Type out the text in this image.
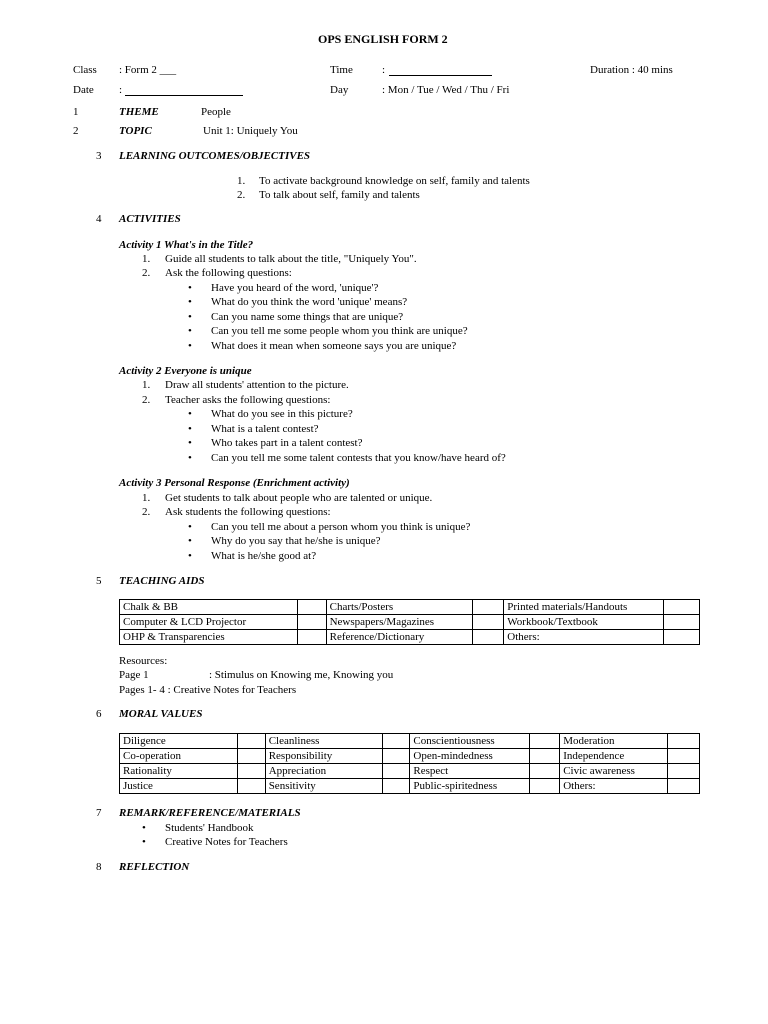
OPS ENGLISH FORM 2
Class : Form 2 ___	Time	:	Duration : 40 mins
Date :	Day	: Mon / Tue / Wed / Thu / Fri
1	THEME	People
2	TOPIC	Unit 1: Uniquely You
3 LEARNING OUTCOMES/OBJECTIVES
1. To activate background knowledge on self, family and talents
2. To talk about self, family and talents
4 ACTIVITIES
Activity 1 What's in the Title?
1. Guide all students to talk about the title, "Uniquely You".
2. Ask the following questions:
• Have you heard of the word, 'unique'?
• What do you think the word 'unique' means?
• Can you name some things that are unique?
• Can you tell me some people whom you think are unique?
• What does it mean when someone says you are unique?
Activity 2 Everyone is unique
1. Draw all students' attention to the picture.
2. Teacher asks the following questions:
• What do you see in this picture?
• What is a talent contest?
• Who takes part in a talent contest?
• Can you tell me some talent contests that you know/have heard of?
Activity 3 Personal Response (Enrichment activity)
1. Get students to talk about people who are talented or unique.
2. Ask students the following questions:
• Can you tell me about a person whom you think is unique?
• Why do you say that he/she is unique?
• What is he/she good at?
5 TEACHING AIDS
Chalk & BB		Charts/Posters		Printed materials/Handouts	
Computer & LCD Projector		Newspapers/Magazines		Workbook/Textbook	
OHP & Transparencies		Reference/Dictionary		Others:	
Resources:
Page 1	: Stimulus on Knowing me, Knowing you
Pages 1- 4 : Creative Notes for Teachers
6 MORAL VALUES
Diligence		Cleanliness		Conscientiousness		Moderation	
Co-operation		Responsibility		Open-mindedness		Independence	
Rationality		Appreciation		Respect		Civic awareness	
Justice		Sensitivity		Public-spiritedness		Others:	
7 REMARK/REFERENCE/MATERIALS
• Students' Handbook
• Creative Notes for Teachers
8 REFLECTION
